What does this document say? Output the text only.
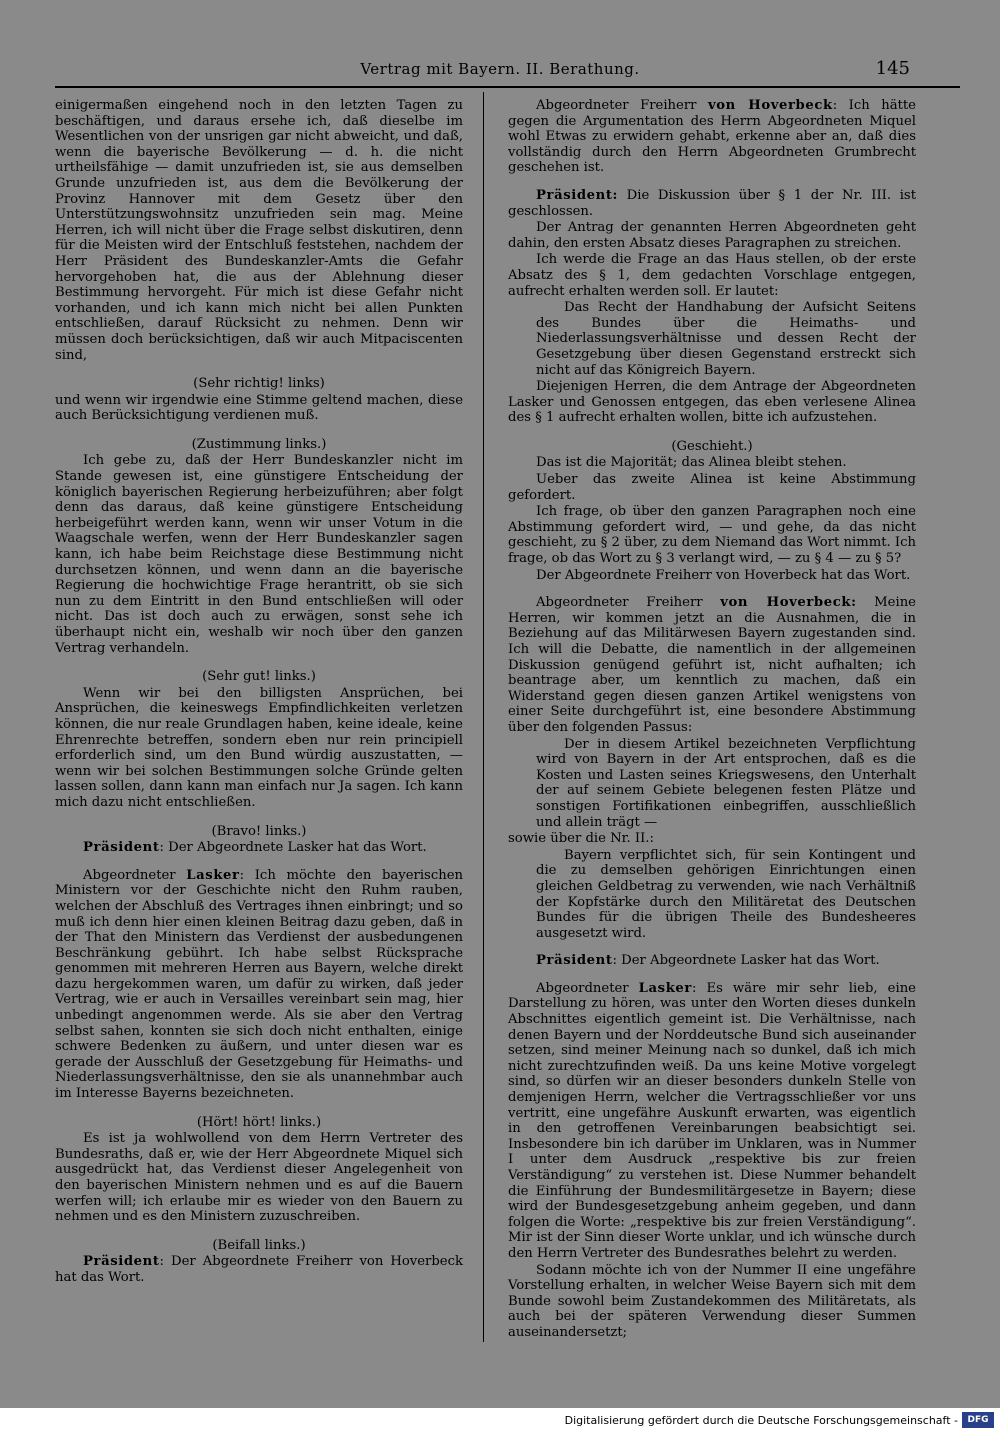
Vertrag mit Bayern. II. Berathung.	145

einigermaßen eingehend noch in den letzten Tagen zu beschäftigen, und daraus ersehe ich, daß dieselbe im Wesentlichen von der unsrigen gar nicht abweicht, und daß, wenn die bayerische Bevölkerung — d. h. die nicht urtheilsfähige — damit unzufrieden ist, sie aus demselben Grunde unzufrieden ist, aus dem die Bevölkerung der Provinz Hannover mit dem Gesetz über den Unterstützungswohnsitz unzufrieden sein mag. Meine Herren, ich will nicht über die Frage selbst diskutiren, denn für die Meisten wird der Entschluß feststehen, nachdem der Herr Präsident des Bundeskanzler-Amts die Gefahr hervorgehoben hat, die aus der Ablehnung dieser Bestimmung hervorgeht. Für mich ist diese Gefahr nicht vorhanden, und ich kann mich nicht bei allen Punkten entschließen, darauf Rücksicht zu nehmen. Denn wir müssen doch berücksichtigen, daß wir auch Mitpaciscenten sind,

(Sehr richtig! links)

und wenn wir irgendwie eine Stimme geltend machen, diese auch Berücksichtigung verdienen muß.

(Zustimmung links.)

Ich gebe zu, daß der Herr Bundeskanzler nicht im Stande gewesen ist, eine günstigere Entscheidung der königlich bayerischen Regierung herbeizuführen; aber folgt denn das daraus, daß keine günstigere Entscheidung herbeigeführt werden kann, wenn wir unser Votum in die Waagschale werfen, wenn der Herr Bundeskanzler sagen kann, ich habe beim Reichstage diese Bestimmung nicht durchsetzen können, und wenn dann an die bayerische Regierung die hochwichtige Frage herantritt, ob sie sich nun zu dem Eintritt in den Bund entschließen will oder nicht. Das ist doch auch zu erwägen, sonst sehe ich überhaupt nicht ein, weshalb wir noch über den ganzen Vertrag verhandeln.

(Sehr gut! links.)

Wenn wir bei den billigsten Ansprüchen, bei Ansprüchen, die keineswegs Empfindlichkeiten verletzen können, die nur reale Grundlagen haben, keine ideale, keine Ehrenrechte betreffen, sondern eben nur rein principiell erforderlich sind, um den Bund würdig auszustatten, — wenn wir bei solchen Bestimmungen solche Gründe gelten lassen sollen, dann kann man einfach nur Ja sagen. Ich kann mich dazu nicht entschließen.

(Bravo! links.)

Präsident: Der Abgeordnete Lasker hat das Wort.

Abgeordneter Lasker: Ich möchte den bayerischen Ministern vor der Geschichte nicht den Ruhm rauben, welchen der Abschluß des Vertrages ihnen einbringt; und so muß ich denn hier einen kleinen Beitrag dazu geben, daß in der That den Ministern das Verdienst der ausbedungenen Beschränkung gebührt. Ich habe selbst Rücksprache genommen mit mehreren Herren aus Bayern, welche direkt dazu hergekommen waren, um dafür zu wirken, daß jeder Vertrag, wie er auch in Versailles vereinbart sein mag, hier unbedingt angenommen werde. Als sie aber den Vertrag selbst sahen, konnten sie sich doch nicht enthalten, einige schwere Bedenken zu äußern, und unter diesen war es gerade der Ausschluß der Gesetzgebung für Heimaths- und Niederlassungsverhältnisse, den sie als unannehmbar auch im Interesse Bayerns bezeichneten.

(Hört! hört! links.)

Es ist ja wohlwollend von dem Herrn Vertreter des Bundesraths, daß er, wie der Herr Abgeordnete Miquel sich ausgedrückt hat, das Verdienst dieser Angelegenheit von den bayerischen Ministern nehmen und es auf die Bauern werfen will; ich erlaube mir es wieder von den Bauern zu nehmen und es den Ministern zuzuschreiben.

(Beifall links.)

Präsident: Der Abgeordnete Freiherr von Hoverbeck hat das Wort.

Abgeordneter Freiherr von Hoverbeck: Ich hätte gegen die Argumentation des Herrn Abgeordneten Miquel wohl Etwas zu erwidern gehabt, erkenne aber an, daß dies vollständig durch den Herrn Abgeordneten Grumbrecht geschehen ist.

Präsident: Die Diskussion über § 1 der Nr. III. ist geschlossen.

Der Antrag der genannten Herren Abgeordneten geht dahin, den ersten Absatz dieses Paragraphen zu streichen.

Ich werde die Frage an das Haus stellen, ob der erste Absatz des § 1, dem gedachten Vorschlage entgegen, aufrecht erhalten werden soll. Er lautet:

Das Recht der Handhabung der Aufsicht Seitens des Bundes über die Heimaths- und Niederlassungsverhältnisse und dessen Recht der Gesetzgebung über diesen Gegenstand erstreckt sich nicht auf das Königreich Bayern.

Diejenigen Herren, die dem Antrage der Abgeordneten Lasker und Genossen entgegen, das eben verlesene Alinea des § 1 aufrecht erhalten wollen, bitte ich aufzustehen.

(Geschieht.)

Das ist die Majorität; das Alinea bleibt stehen.

Ueber das zweite Alinea ist keine Abstimmung gefordert.

Ich frage, ob über den ganzen Paragraphen noch eine Abstimmung gefordert wird, — und gehe, da das nicht geschieht, zu § 2 über, zu dem Niemand das Wort nimmt. Ich frage, ob das Wort zu § 3 verlangt wird, — zu § 4 — zu § 5?

Der Abgeordnete Freiherr von Hoverbeck hat das Wort.

Abgeordneter Freiherr von Hoverbeck: Meine Herren, wir kommen jetzt an die Ausnahmen, die in Beziehung auf das Militärwesen Bayern zugestanden sind. Ich will die Debatte, die namentlich in der allgemeinen Diskussion genügend geführt ist, nicht aufhalten; ich beantrage aber, um kenntlich zu machen, daß ein Widerstand gegen diesen ganzen Artikel wenigstens von einer Seite durchgeführt ist, eine besondere Abstimmung über den folgenden Passus:

Der in diesem Artikel bezeichneten Verpflichtung wird von Bayern in der Art entsprochen, daß es die Kosten und Lasten seines Kriegswesens, den Unterhalt der auf seinem Gebiete belegenen festen Plätze und sonstigen Fortifikationen einbegriffen, ausschließlich und allein trägt —

sowie über die Nr. II.:

Bayern verpflichtet sich, für sein Kontingent und die zu demselben gehörigen Einrichtungen einen gleichen Geldbetrag zu verwenden, wie nach Verhältniß der Kopfstärke durch den Militäretat des Deutschen Bundes für die übrigen Theile des Bundesheeres ausgesetzt wird.

Präsident: Der Abgeordnete Lasker hat das Wort.

Abgeordneter Lasker: Es wäre mir sehr lieb, eine Darstellung zu hören, was unter den Worten dieses dunkeln Abschnittes eigentlich gemeint ist. Die Verhältnisse, nach denen Bayern und der Norddeutsche Bund sich auseinander setzen, sind meiner Meinung nach so dunkel, daß ich mich nicht zurechtzufinden weiß. Da uns keine Motive vorgelegt sind, so dürfen wir an dieser besonders dunkeln Stelle von demjenigen Herrn, welcher die Vertragsschließer vor uns vertritt, eine ungefähre Auskunft erwarten, was eigentlich in den getroffenen Vereinbarungen beabsichtigt sei. Insbesondere bin ich darüber im Unklaren, was in Nummer I unter dem Ausdruck „respektive bis zur freien Verständigung“ zu verstehen ist. Diese Nummer behandelt die Einführung der Bundesmilitärgesetze in Bayern; diese wird der Bundesgesetzgebung anheim gegeben, und dann folgen die Worte: „respektive bis zur freien Verständigung“. Mir ist der Sinn dieser Worte unklar, und ich wünsche durch den Herrn Vertreter des Bundesrathes belehrt zu werden.

Sodann möchte ich von der Nummer II eine ungefähre Vorstellung erhalten, in welcher Weise Bayern sich mit dem Bunde sowohl beim Zustandekommen des Militäretats, als auch bei der späteren Verwendung dieser Summen auseinandersetzt;

Digitalisierung gefördert durch die Deutsche Forschungsgemeinschaft -	DFG
